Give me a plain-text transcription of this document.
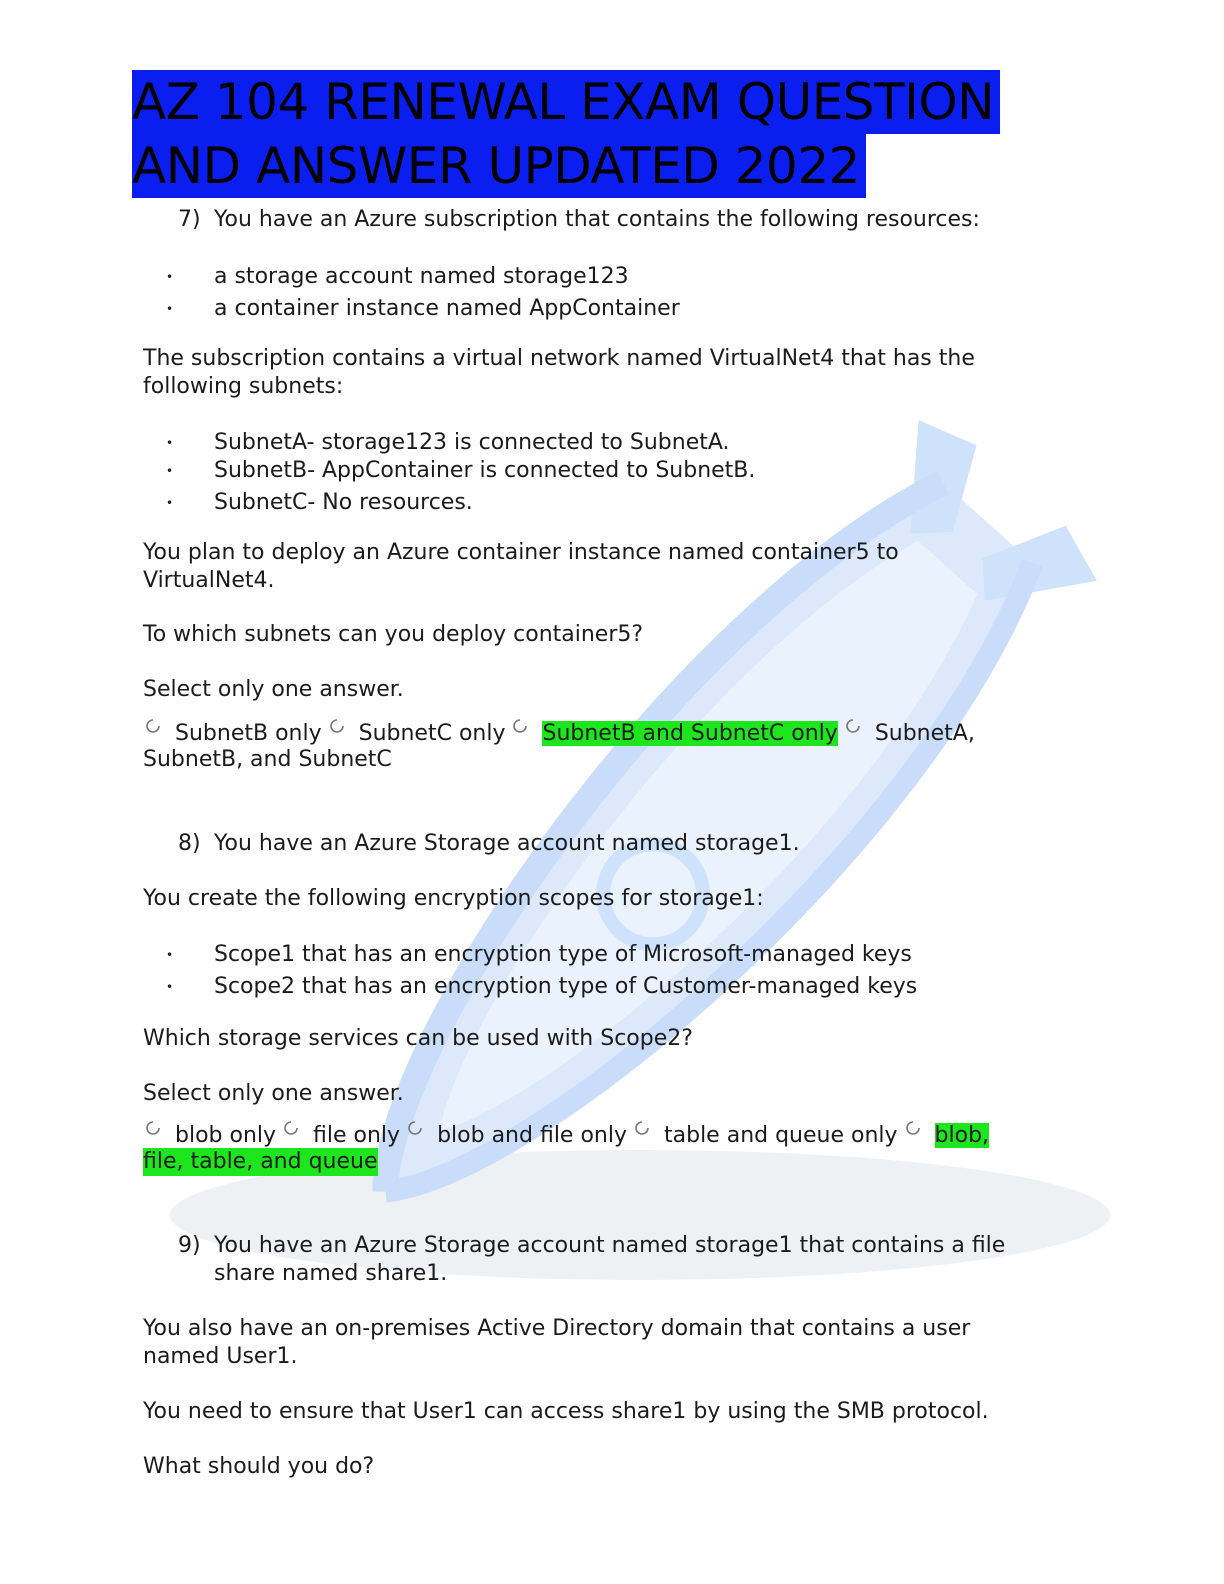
AZ 104 RENEWAL EXAM QUESTION
AND ANSWER UPDATED 2022
7) You have an Azure subscription that contains the following resources:
• a storage account named storage123
• a container instance named AppContainer
The subscription contains a virtual network named VirtualNet4 that has the
following subnets:
• SubnetA- storage123 is connected to SubnetA.
• SubnetB- AppContainer is connected to SubnetB.
• SubnetC- No resources.
You plan to deploy an Azure container instance named container5 to
VirtualNet4.
To which subnets can you deploy container5?
Select only one answer.
SubnetB only SubnetC only SubnetB and SubnetC only SubnetA,
SubnetB, and SubnetC
8) You have an Azure Storage account named storage1.
You create the following encryption scopes for storage1:
• Scope1 that has an encryption type of Microsoft-managed keys
• Scope2 that has an encryption type of Customer-managed keys
Which storage services can be used with Scope2?
Select only one answer.
blob only file only blob and file only table and queue only blob,
file, table, and queue
9) You have an Azure Storage account named storage1 that contains a file
share named share1.
You also have an on-premises Active Directory domain that contains a user
named User1.
You need to ensure that User1 can access share1 by using the SMB protocol.
What should you do?
